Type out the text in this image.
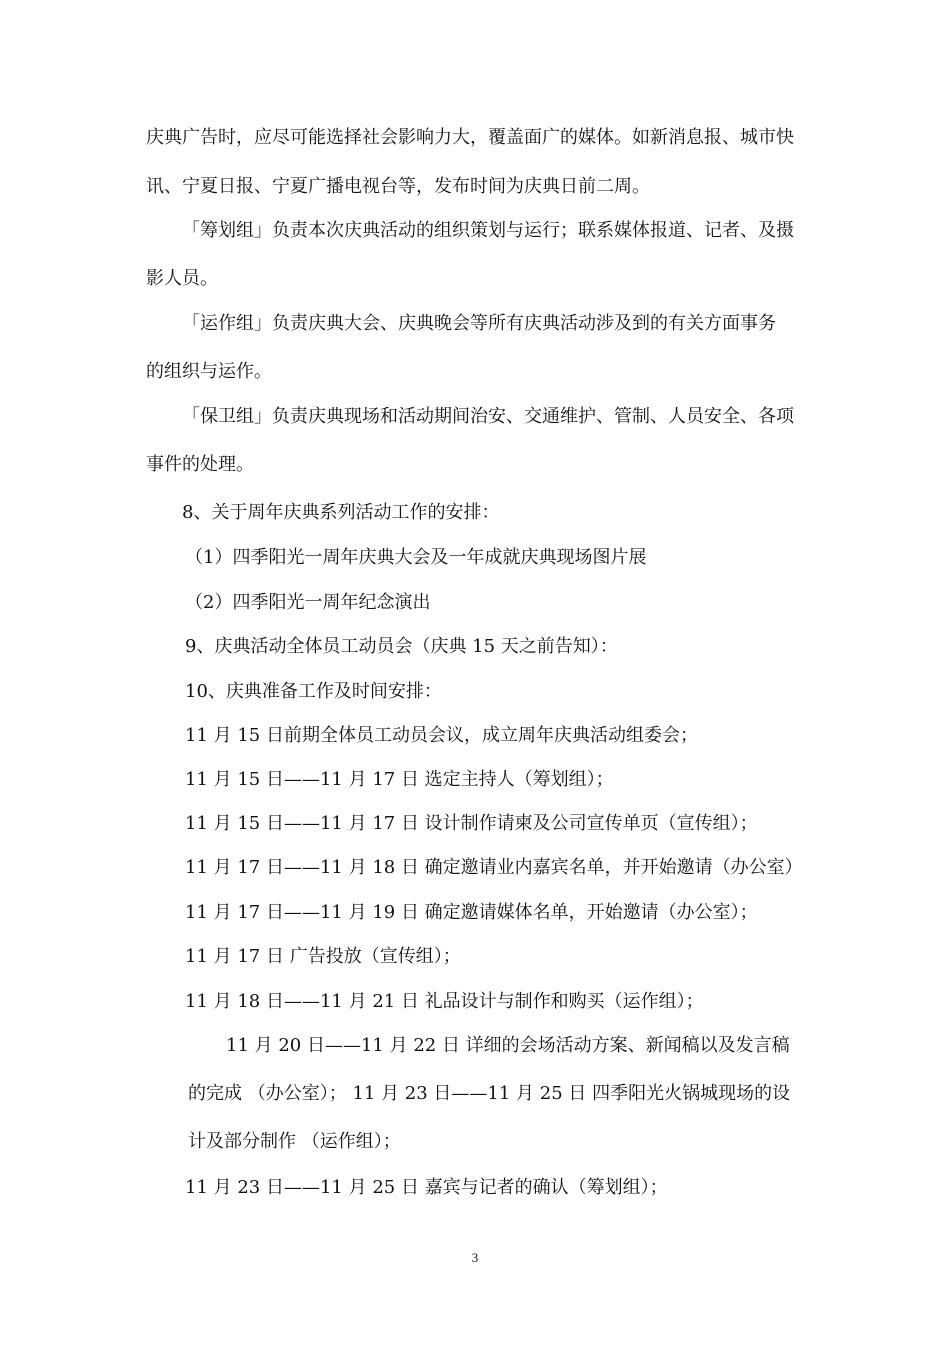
庆典广告时，应尽可能选择社会影响力大，覆盖面广的媒体。如新消息报、城市快
讯、宁夏日报、宁夏广播电视台等，发布时间为庆典日前二周。
「筹划组」负责本次庆典活动的组织策划与运行；联系媒体报道、记者、及摄
影人员。
「运作组」负责庆典大会、庆典晚会等所有庆典活动涉及到的有关方面事务
的组织与运作。
「保卫组」负责庆典现场和活动期间治安、交通维护、管制、人员安全、各项
事件的处理。
8、关于周年庆典系列活动工作的安排：
（1）四季阳光一周年庆典大会及一年成就庆典现场图片展
（2）四季阳光一周年纪念演出
9、庆典活动全体员工动员会（庆典 15 天之前告知）：
10、庆典准备工作及时间安排：
11 月 15 日前期全体员工动员会议，成立周年庆典活动组委会；
11 月 15 日——11 月 17 日 选定主持人（筹划组）；
11 月 15 日——11 月 17 日 设计制作请柬及公司宣传单页（宣传组）；
11 月 17 日——11 月 18 日 确定邀请业内嘉宾名单，并开始邀请（办公室）
11 月 17 日——11 月 19 日 确定邀请媒体名单，开始邀请（办公室）；
11 月 17 日 广告投放（宣传组）；
11 月 18 日——11 月 21 日 礼品设计与制作和购买（运作组）；
11 月 20 日——11 月 22 日 详细的会场活动方案、新闻稿以及发言稿
的完成 （办公室）； 11 月 23 日——11 月 25 日 四季阳光火锅城现场的设
计及部分制作 （运作组）；
11 月 23 日——11 月 25 日 嘉宾与记者的确认（筹划组）；
3
